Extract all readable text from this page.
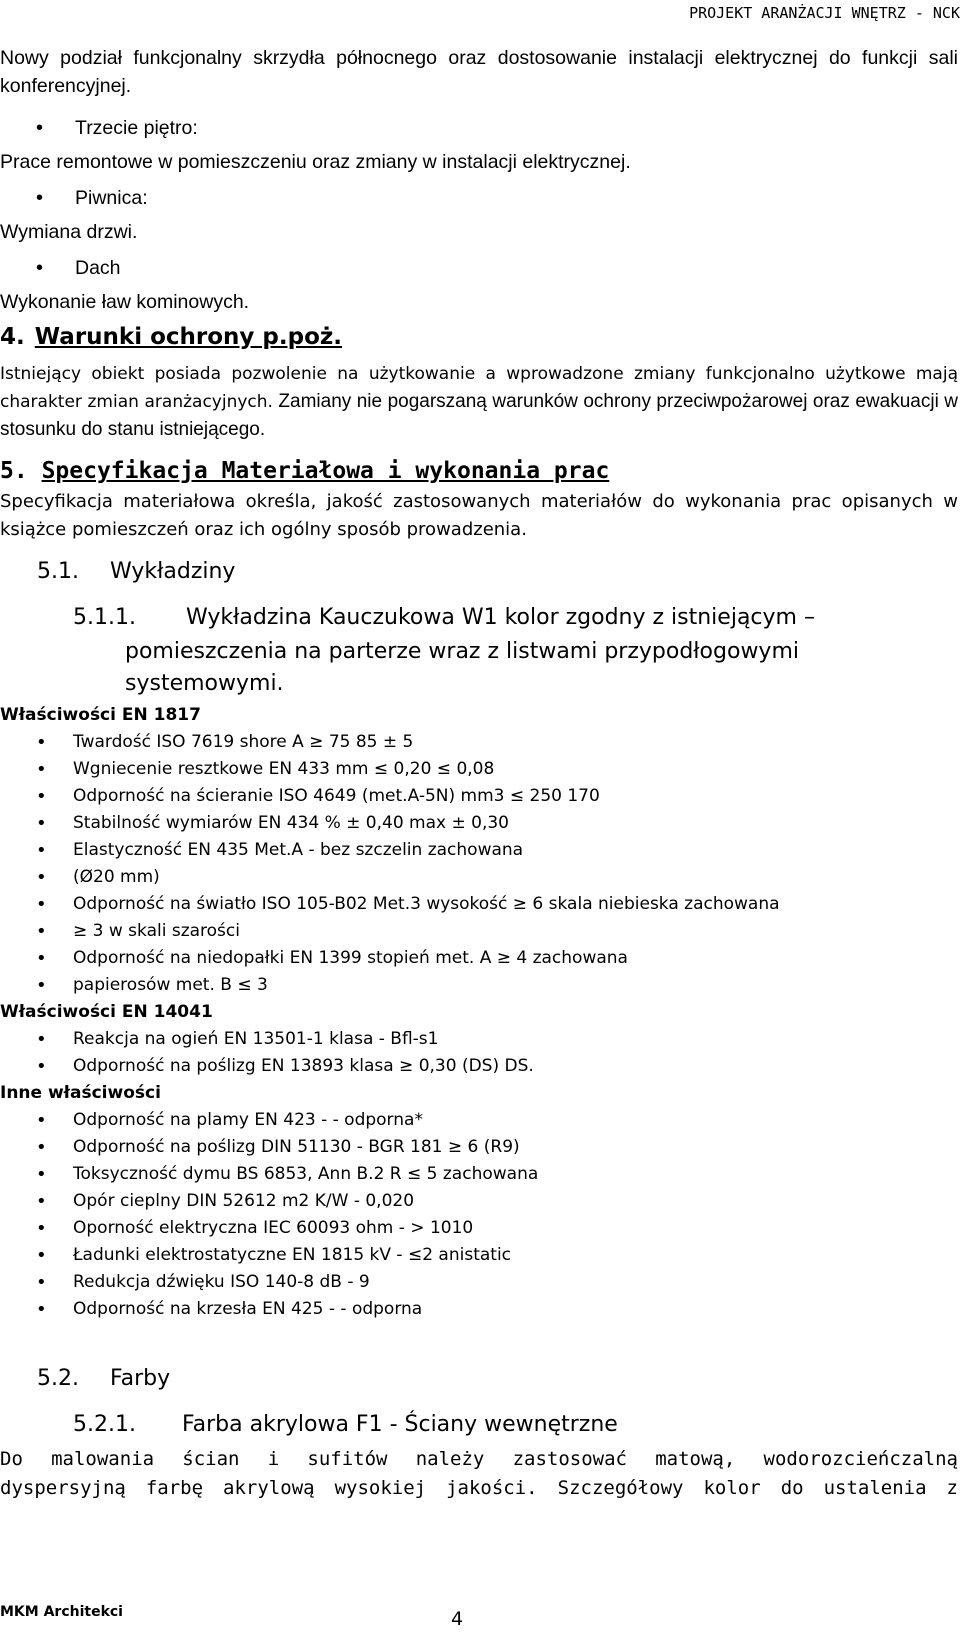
PROJEKT ARANŻACJI WNĘTRZ - NCK

Nowy podział funkcjonalny skrzydła północnego oraz dostosowanie instalacji elektrycznej do funkcji sali konferencyjnej.

• Trzecie piętro:

Prace remontowe w pomieszczeniu oraz zmiany w instalacji elektrycznej.

• Piwnica:

Wymiana drzwi.

• Dach

Wykonanie ław kominowych.

4. Warunki ochrony p.poż.

Istniejący obiekt posiada pozwolenie na użytkowanie a wprowadzone zmiany funkcjonalno użytkowe mają charakter zmian aranżacyjnych. Zamiany nie pogarszaną warunków ochrony przeciwpożarowej oraz ewakuacji w stosunku do stanu istniejącego.

5. Specyfikacja Materiałowa i wykonania prac

Specyfikacja materiałowa określa, jakość zastosowanych materiałów do wykonania prac opisanych w książce pomieszczeń oraz ich ogólny sposób prowadzenia.

5.1. Wykładziny
5.1.1. Wykładzina Kauczukowa W1 kolor zgodny z istniejącym –
pomieszczenia na parterze wraz z listwami przypodłogowymi
systemowymi.
Właściwości EN 1817
• Twardość ISO 7619 shore A ≥ 75 85 ± 5
• Wgniecenie resztkowe EN 433 mm ≤ 0,20 ≤ 0,08
• Odporność na ścieranie ISO 4649 (met.A-5N) mm3 ≤ 250 170
• Stabilność wymiarów EN 434 % ± 0,40 max ± 0,30
• Elastyczność EN 435 Met.A - bez szczelin zachowana
• (Ø20 mm)
• Odporność na światło ISO 105-B02 Met.3 wysokość ≥ 6 skala niebieska zachowana
• ≥ 3 w skali szarości
• Odporność na niedopałki EN 1399 stopień met. A ≥ 4 zachowana
• papierosów met. B ≤ 3
Właściwości EN 14041
• Reakcja na ogień EN 13501-1 klasa - Bfl-s1
• Odporność na poślizg EN 13893 klasa ≥ 0,30 (DS) DS.
Inne właściwości
• Odporność na plamy EN 423 - - odporna*
• Odporność na poślizg DIN 51130 - BGR 181 ≥ 6 (R9)
• Toksyczność dymu BS 6853, Ann B.2 R ≤ 5 zachowana
• Opór cieplny DIN 52612 m2 K/W - 0,020
• Oporność elektryczna IEC 60093 ohm - > 1010
• Ładunki elektrostatyczne EN 1815 kV - ≤2 anistatic
• Redukcja dźwięku ISO 140-8 dB - 9
• Odporność na krzesła EN 425 - - odporna
5.2. Farby
5.2.1. Farba akrylowa F1 - Ściany wewnętrzne

Do malowania ścian i sufitów należy zastosować matową, wodorozcieńczalną dyspersyjną farbę akrylową wysokiej jakości. Szczegółowy kolor do ustalenia z

MKM Architekci	4
